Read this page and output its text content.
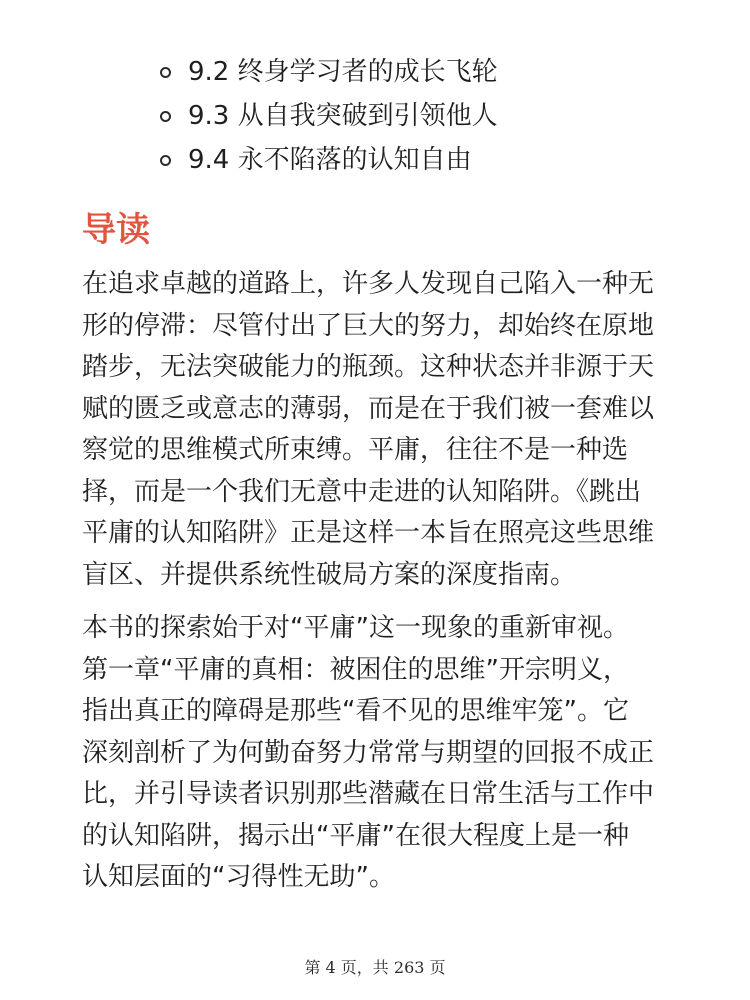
9.2 终身学习者的成长飞轮
9.3 从自我突破到引领他人
9.4 永不陷落的认知自由
导读

在追求卓越的道路上，许多人发现自己陷入一种无
形的停滞：尽管付出了巨大的努力，却始终在原地
踏步，无法突破能力的瓶颈。这种状态并非源于天
赋的匮乏或意志的薄弱，而是在于我们被一套难以
察觉的思维模式所束缚。平庸，往往不是一种选
择，而是一个我们无意中走进的认知陷阱。《跳出
平庸的认知陷阱》正是这样一本旨在照亮这些思维
盲区、并提供系统性破局方案的深度指南。

本书的探索始于对“平庸”这一现象的重新审视。
第一章“平庸的真相：被困住的思维”开宗明义，
指出真正的障碍是那些“看不见的思维牢笼”。它
深刻剖析了为何勤奋努力常常与期望的回报不成正
比，并引导读者识别那些潜藏在日常生活与工作中
的认知陷阱，揭示出“平庸”在很大程度上是一种
认知层面的“习得性无助”。

第 4 页，共 263 页
